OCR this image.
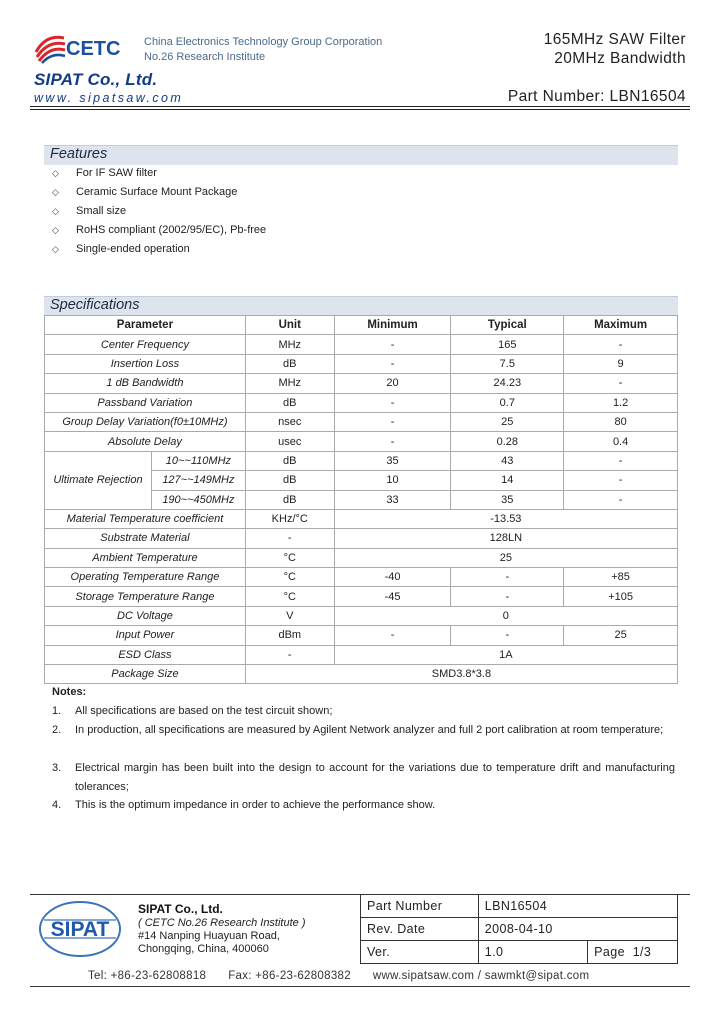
CETC China Electronics Technology Group Corporation
No.26 Research Institute
SIPAT Co., Ltd.
www. sipatsaw.com
165MHz SAW Filter
20MHz Bandwidth
Part Number: LBN16504
Features
◇ For IF SAW filter
◇ Ceramic Surface Mount Package
◇ Small size
◇ RoHS compliant (2002/95/EC), Pb-free
◇ Single-ended operation
Specifications
Parameter		Unit	Minimum	Typical	Maximum
Center Frequency		MHz	-	165	-
Insertion Loss		dB	-	7.5	9
1 dB Bandwidth		MHz	20	24.23	-
Passband Variation		dB	-	0.7	1.2
Group Delay Variation(f0±10MHz)		nsec	-	25	80
Absolute Delay		usec	-	0.28	0.4
Ultimate Rejection	10~~110MHz	dB	35	43	-
	127~~149MHz	dB	10	14	-
	190~~450MHz	dB	33	35	-
Material Temperature coefficient		KHz/°C	-13.53		
Substrate Material		-	128LN		
Ambient Temperature		°C	25		
Operating Temperature Range		°C	-40	-	+85
Storage Temperature Range		°C	-45	-	+105
DC Voltage		V	0		
Input Power		dBm	-	-	25
ESD Class		-	1A		
Package Size		SMD3.8*3.8			
Notes:
1. All specifications are based on the test circuit shown;
2. In production, all specifications are measured by Agilent Network analyzer and full 2 port calibration at room temperature;
3. Electrical margin has been built into the design to account for the variations due to temperature drift and manufacturing tolerances;
4. This is the optimum impedance in order to achieve the performance show.
SIPAT
SIPAT Co., Ltd.
( CETC No.26 Research Institute )
#14 Nanping Huayuan Road,
Chongqing, China, 400060
Part Number	LBN16504	
Rev. Date	2008-04-10	
Ver.	1.0	Page 1/3
Tel: +86-23-62808818 Fax: +86-23-62808382 www.sipatsaw.com / sawmkt@sipat.com
